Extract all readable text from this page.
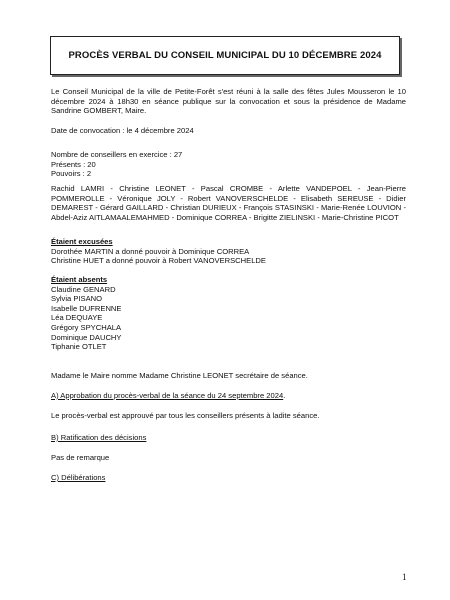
PROCÈS VERBAL DU CONSEIL MUNICIPAL DU 10 DÉCEMBRE 2024
Le Conseil Municipal de la ville de Petite-Forêt s'est réuni à la salle des fêtes Jules Mousseron le 10 décembre 2024 à 18h30 en séance publique sur la convocation et sous la présidence de Madame Sandrine GOMBERT, Maire.
Date de convocation : le 4 décembre 2024
Nombre de conseillers en exercice : 27
Présents : 20
Pouvoirs : 2
Rachid LAMRI - Christine LEONET - Pascal CROMBE - Arlette VANDEPOEL - Jean-Pierre POMMEROLLE - Véronique JOLY - Robert VANOVERSCHELDE - Elisabeth SEREUSE - Didier DEMAREST - Gérard GAILLARD - Christian DURIEUX - François STASINSKI - Marie-Renée LOUVION - Abdel-Aziz AITLAMAALEMAHMED - Dominique CORREA - Brigitte ZIELINSKI - Marie-Christine PICOT
Étaient excusées
Dorothée MARTIN a donné pouvoir à Dominique CORREA
Christine HUET a donné pouvoir à Robert VANOVERSCHELDE
Étaient absents
Claudine GENARD
Sylvia PISANO
Isabelle DUFRENNE
Léa DEQUAYE
Grégory SPYCHALA
Dominique DAUCHY
Tiphanie OTLET
Madame le Maire nomme Madame Christine LEONET secrétaire de séance.
A) Approbation du procès-verbal de la séance du 24 septembre 2024.
Le procès-verbal est approuvé par tous les conseillers présents à ladite séance.
B) Ratification des décisions
Pas de remarque
C) Délibérations
1
